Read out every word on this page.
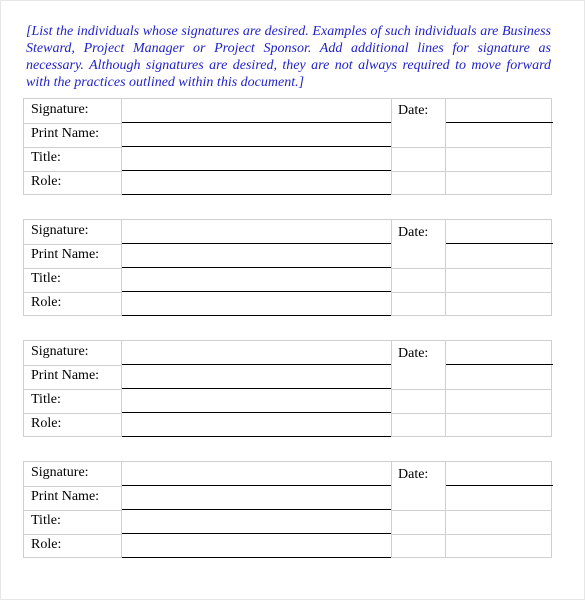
[List the individuals whose signatures are desired. Examples of such individuals are Business Steward, Project Manager or Project Sponsor. Add additional lines for signature as necessary. Although signatures are desired, they are not always required to move forward with the practices outlined within this document.]

Signature:
Print Name:
Title:
Role:
Date:
Signature:
Print Name:
Title:
Role:
Date:
Signature:
Print Name:
Title:
Role:
Date:
Signature:
Print Name:
Title:
Role:
Date:
